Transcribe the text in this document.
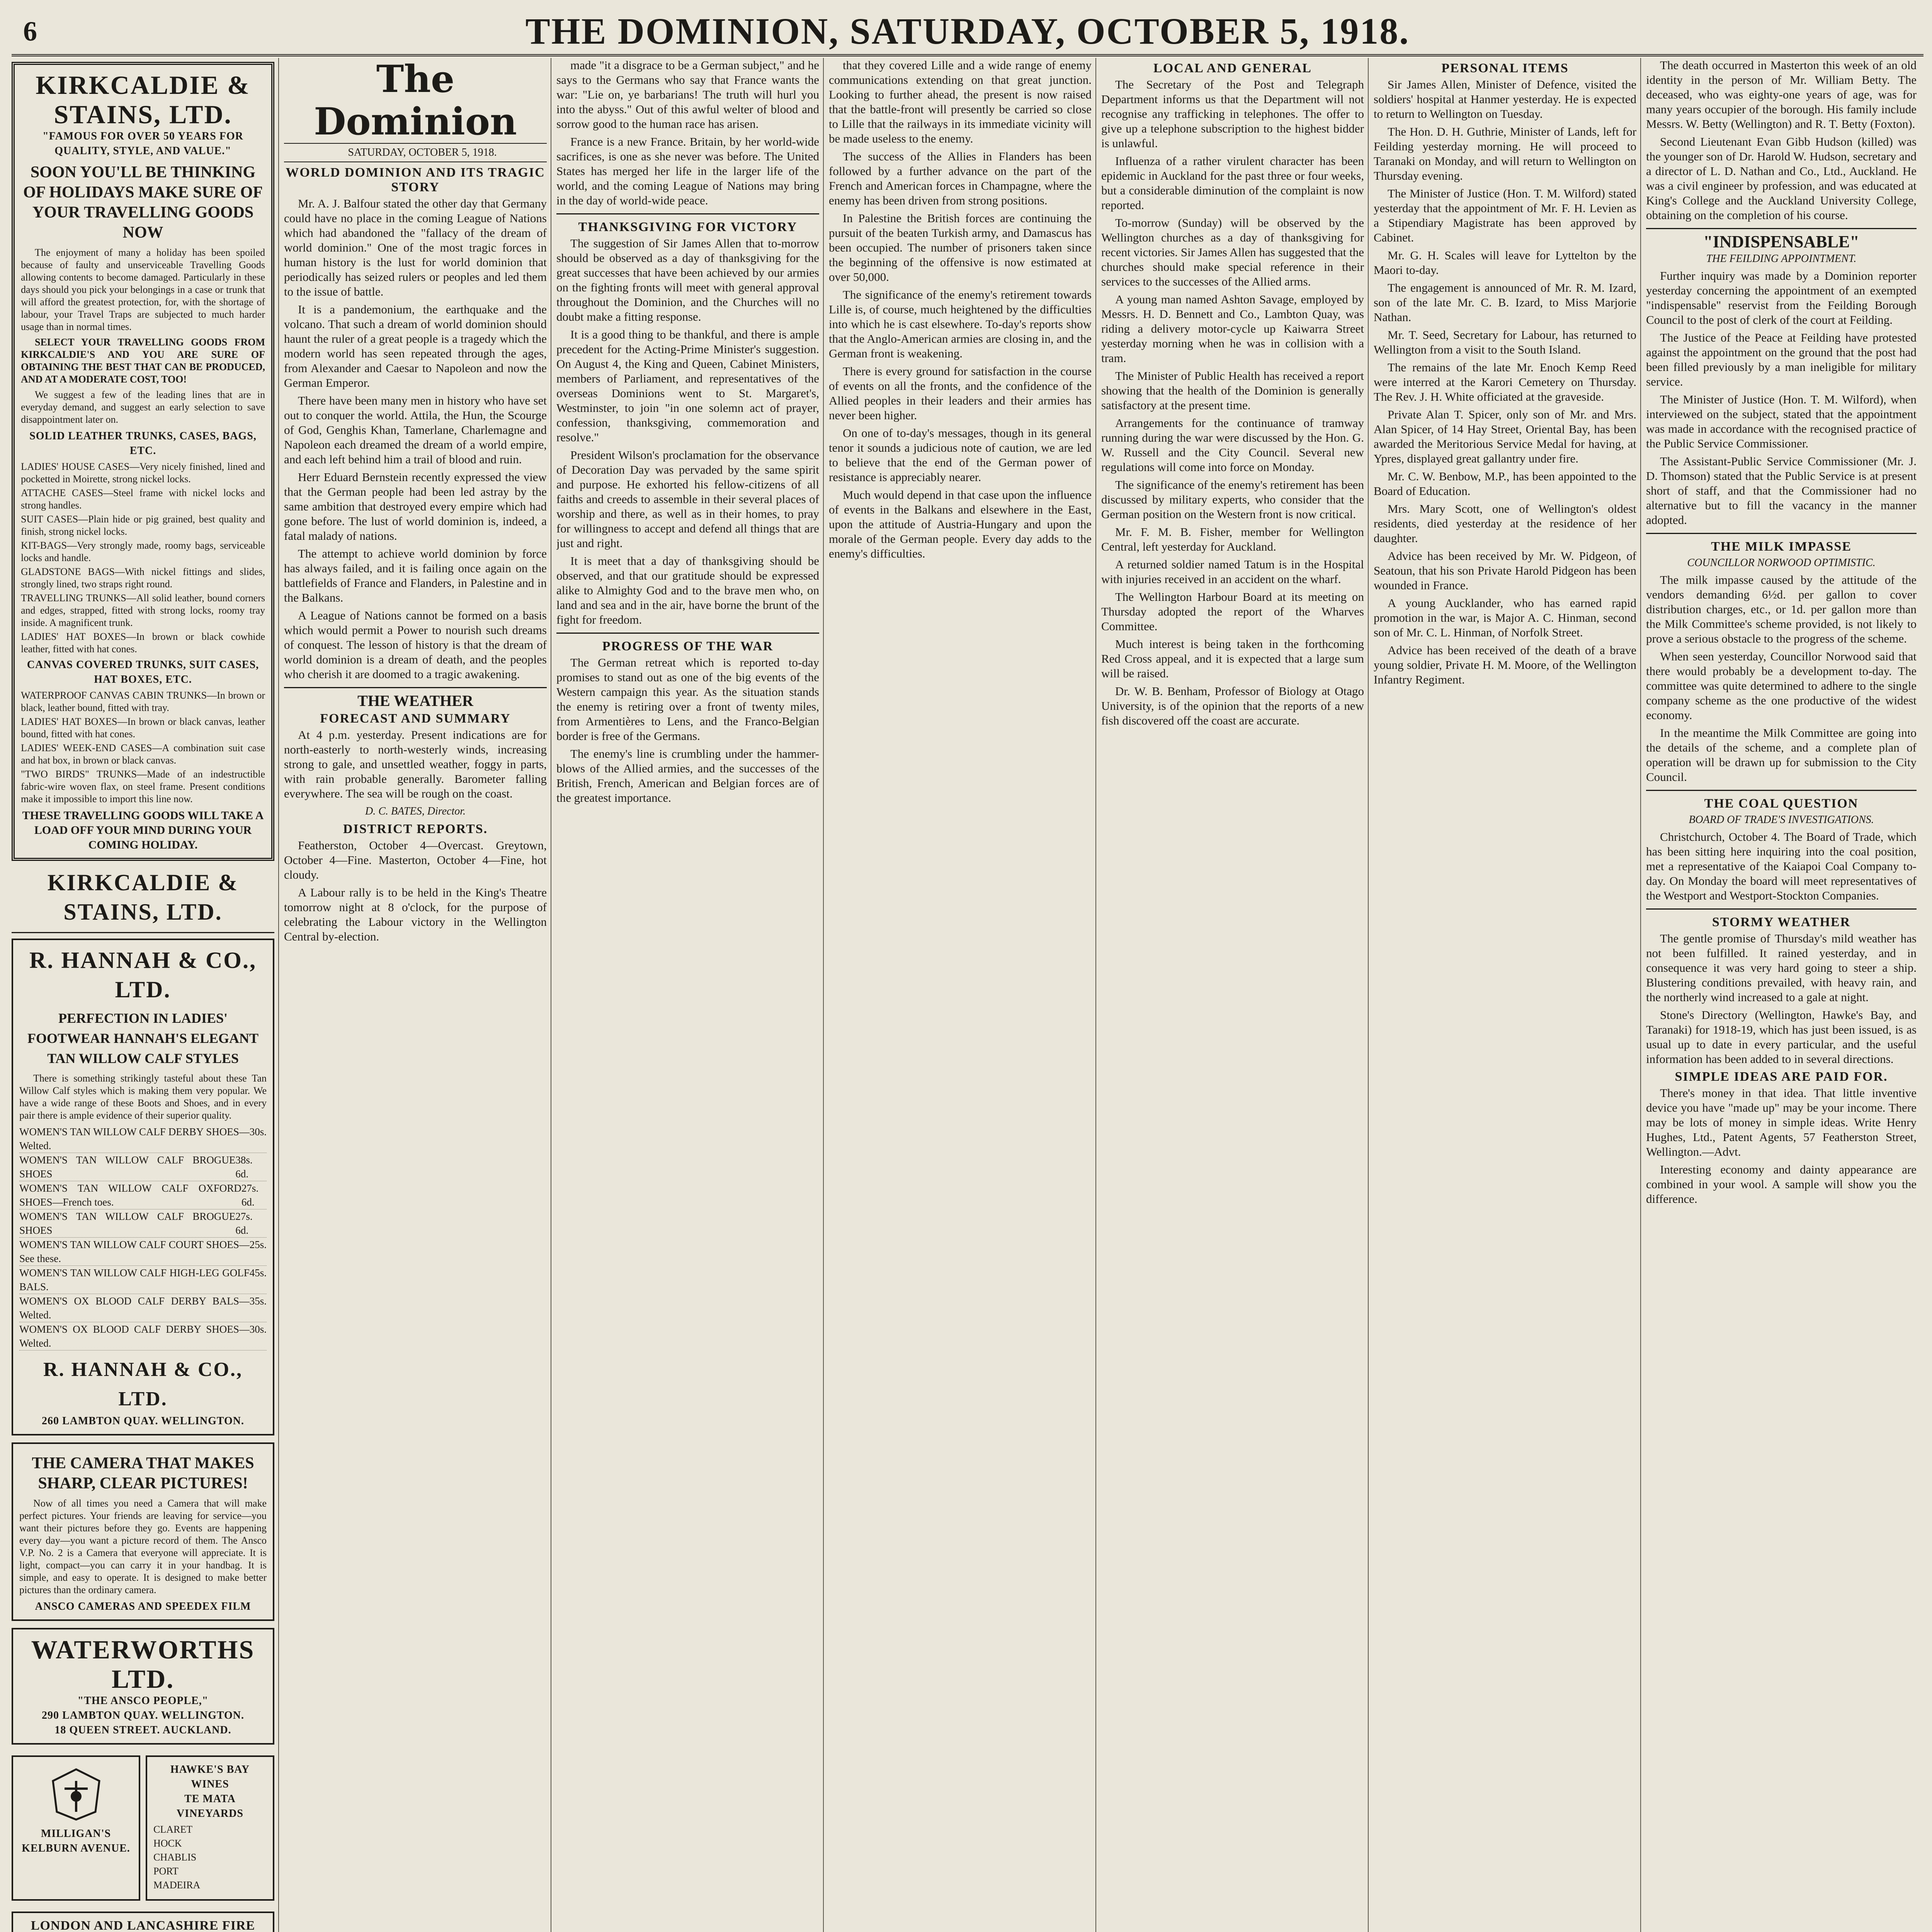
6	THE DOMINION, SATURDAY, OCTOBER 5, 1918.
KIRKCALDIE & STAINS, LTD.
"FAMOUS FOR OVER 50 YEARS FOR QUALITY, STYLE, AND VALUE."
SOON YOU'LL BE THINKING OF HOLIDAYS MAKE SURE OF YOUR TRAVELLING GOODS NOW

The enjoyment of many a holiday has been spoiled because of faulty and unserviceable Travelling Goods allowing contents to become damaged. Particularly in these days should you pick your belongings in a case or trunk that will afford the greatest protection, for, with the shortage of labour, your Travel Traps are subjected to much harder usage than in normal times.

SELECT YOUR TRAVELLING GOODS FROM KIRKCALDIE'S AND YOU ARE SURE OF OBTAINING THE BEST THAT CAN BE PRODUCED, AND AT A MODERATE COST, TOO!

We suggest a few of the leading lines that are in everyday demand, and suggest an early selection to save disappointment later on.

SOLID LEATHER TRUNKS, CASES, BAGS, ETC.
LADIES' HOUSE CASES—Very nicely finished, lined and pocketted in Moirette, strong nickel locks.
ATTACHE CASES—Steel frame with nickel locks and strong handles.
SUIT CASES—Plain hide or pig grained, best quality and finish, strong nickel locks.
KIT-BAGS—Very strongly made, roomy bags, serviceable locks and handle.
GLADSTONE BAGS—With nickel fittings and slides, strongly lined, two straps right round.
TRAVELLING TRUNKS—All solid leather, bound corners and edges, strapped, fitted with strong locks, roomy tray inside. A magnificent trunk.
LADIES' HAT BOXES—In brown or black cowhide leather, fitted with hat cones.
CANVAS COVERED TRUNKS, SUIT CASES, HAT BOXES, ETC.
WATERPROOF CANVAS CABIN TRUNKS—In brown or black, leather bound, fitted with tray.
LADIES' HAT BOXES—In brown or black canvas, leather bound, fitted with hat cones.
LADIES' WEEK-END CASES—A combination suit case and hat box, in brown or black canvas.
"TWO BIRDS" TRUNKS—Made of an indestructible fabric-wire woven flax, on steel frame. Present conditions make it impossible to import this line now.
THESE TRAVELLING GOODS WILL TAKE A LOAD OFF YOUR MIND DURING YOUR COMING HOLIDAY.
KIRKCALDIE & STAINS, LTD.
R. HANNAH & CO., LTD.
PERFECTION IN LADIES' FOOTWEAR HANNAH'S ELEGANT TAN WILLOW CALF STYLES

There is something strikingly tasteful about these Tan Willow Calf styles which is making them very popular. We have a wide range of these Boots and Shoes, and in every pair there is ample evidence of their superior quality.

WOMEN'S TAN WILLOW CALF DERBY SHOES—Welted.
30s.
WOMEN'S TAN WILLOW CALF BROGUE SHOES
38s. 6d.
WOMEN'S TAN WILLOW CALF OXFORD SHOES—French toes.
27s. 6d.
WOMEN'S TAN WILLOW CALF BROGUE SHOES
27s. 6d.
WOMEN'S TAN WILLOW CALF COURT SHOES—See these.
25s.
WOMEN'S TAN WILLOW CALF HIGH-LEG GOLF BALS.
45s.
WOMEN'S OX BLOOD CALF DERBY BALS—Welted.
35s.
WOMEN'S OX BLOOD CALF DERBY SHOES—Welted.
30s.
R. HANNAH & CO., LTD.
260 LAMBTON QUAY. WELLINGTON.
THE CAMERA THAT MAKES SHARP, CLEAR PICTURES!

Now of all times you need a Camera that will make perfect pictures. Your friends are leaving for service—you want their pictures before they go. Events are happening every day—you want a picture record of them. The Ansco V.P. No. 2 is a Camera that everyone will appreciate. It is light, compact—you can carry it in your handbag. It is simple, and easy to operate. It is designed to make better pictures than the ordinary camera.

ANSCO CAMERAS AND SPEEDEX FILM
WATERWORTHS LTD.
"THE ANSCO PEOPLE,"
290 LAMBTON QUAY. WELLINGTON.
18 QUEEN STREET. AUCKLAND.
MILLIGAN'S
KELBURN AVENUE.
HAWKE'S BAY WINES
TE MATA VINEYARDS
CLARET
HOCK
CHABLIS
PORT
MADEIRA
LONDON AND LANCASHIRE FIRE

The Dominion

SATURDAY, OCTOBER 5, 1918.

WORLD DOMINION AND ITS TRAGIC STORY

Mr. A. J. Balfour stated the other day that Germany could have no place in the coming League of Nations which had abandoned the "fallacy of the dream of world dominion." One of the most tragic forces in human history is the lust for world dominion that periodically has seized rulers or peoples and led them to the issue of battle.

It is a pandemonium, the earthquake and the volcano. That such a dream of world dominion should haunt the ruler of a great people is a tragedy which the modern world has seen repeated through the ages, from Alexander and Caesar to Napoleon and now the German Emperor.

There have been many men in history who have set out to conquer the world. Attila, the Hun, the Scourge of God, Genghis Khan, Tamerlane, Charlemagne and Napoleon each dreamed the dream of a world empire, and each left behind him a trail of blood and ruin.

Herr Eduard Bernstein recently expressed the view that the German people had been led astray by the same ambition that destroyed every empire which had gone before. The lust of world dominion is, indeed, a fatal malady of nations.

The attempt to achieve world dominion by force has always failed, and it is failing once again on the battlefields of France and Flanders, in Palestine and in the Balkans.

A League of Nations cannot be formed on a basis which would permit a Power to nourish such dreams of conquest. The lesson of history is that the dream of world dominion is a dream of death, and the peoples who cherish it are doomed to a tragic awakening.

THE WEATHER
FORECAST AND SUMMARY

At 4 p.m. yesterday. Present indications are for north-easterly to north-westerly winds, increasing strong to gale, and unsettled weather, foggy in parts, with rain probable generally. Barometer falling everywhere. The sea will be rough on the coast.

D. C. BATES, Director.

DISTRICT REPORTS.

Featherston, October 4—Overcast. Greytown, October 4—Fine. Masterton, October 4—Fine, hot cloudy.

A Labour rally is to be held in the King's Theatre tomorrow night at 8 o'clock, for the purpose of celebrating the Labour victory in the Wellington Central by-election.

made "it a disgrace to be a German subject," and he says to the Germans who say that France wants the war: "Lie on, ye barbarians! The truth will hurl you into the abyss." Out of this awful welter of blood and sorrow good to the human race has arisen.

France is a new France. Britain, by her world-wide sacrifices, is one as she never was before. The United States has merged her life in the larger life of the world, and the coming League of Nations may bring in the day of world-wide peace.

THANKSGIVING FOR VICTORY

The suggestion of Sir James Allen that to-morrow should be observed as a day of thanksgiving for the great successes that have been achieved by our armies on the fighting fronts will meet with general approval throughout the Dominion, and the Churches will no doubt make a fitting response.

It is a good thing to be thankful, and there is ample precedent for the Acting-Prime Minister's suggestion. On August 4, the King and Queen, Cabinet Ministers, members of Parliament, and representatives of the overseas Dominions went to St. Margaret's, Westminster, to join "in one solemn act of prayer, confession, thanksgiving, commemoration and resolve."

President Wilson's proclamation for the observance of Decoration Day was pervaded by the same spirit and purpose. He exhorted his fellow-citizens of all faiths and creeds to assemble in their several places of worship and there, as well as in their homes, to pray for willingness to accept and defend all things that are just and right.

It is meet that a day of thanksgiving should be observed, and that our gratitude should be expressed alike to Almighty God and to the brave men who, on land and sea and in the air, have borne the brunt of the fight for freedom.

PROGRESS OF THE WAR

The German retreat which is reported to-day promises to stand out as one of the big events of the Western campaign this year. As the situation stands the enemy is retiring over a front of twenty miles, from Armentières to Lens, and the Franco-Belgian border is free of the Germans.

The enemy's line is crumbling under the hammer-blows of the Allied armies, and the successes of the British, French, American and Belgian forces are of the greatest importance.

that they covered Lille and a wide range of enemy communications extending on that great junction. Looking to further ahead, the present is now raised that the battle-front will presently be carried so close to Lille that the railways in its immediate vicinity will be made useless to the enemy.

The success of the Allies in Flanders has been followed by a further advance on the part of the French and American forces in Champagne, where the enemy has been driven from strong positions.

In Palestine the British forces are continuing the pursuit of the beaten Turkish army, and Damascus has been occupied. The number of prisoners taken since the beginning of the offensive is now estimated at over 50,000.

The significance of the enemy's retirement towards Lille is, of course, much heightened by the difficulties into which he is cast elsewhere. To-day's reports show that the Anglo-American armies are closing in, and the German front is weakening.

There is every ground for satisfaction in the course of events on all the fronts, and the confidence of the Allied peoples in their leaders and their armies has never been higher.

On one of to-day's messages, though in its general tenor it sounds a judicious note of caution, we are led to believe that the end of the German power of resistance is appreciably nearer.

Much would depend in that case upon the influence of events in the Balkans and elsewhere in the East, upon the attitude of Austria-Hungary and upon the morale of the German people. Every day adds to the enemy's difficulties.

LOCAL AND GENERAL

The Secretary of the Post and Telegraph Department informs us that the Department will not recognise any trafficking in telephones. The offer to give up a telephone subscription to the highest bidder is unlawful.

Influenza of a rather virulent character has been epidemic in Auckland for the past three or four weeks, but a considerable diminution of the complaint is now reported.

To-morrow (Sunday) will be observed by the Wellington churches as a day of thanksgiving for recent victories. Sir James Allen has suggested that the churches should make special reference in their services to the successes of the Allied arms.

A young man named Ashton Savage, employed by Messrs. H. D. Bennett and Co., Lambton Quay, was riding a delivery motor-cycle up Kaiwarra Street yesterday morning when he was in collision with a tram.

The Minister of Public Health has received a report showing that the health of the Dominion is generally satisfactory at the present time.

Arrangements for the continuance of tramway running during the war were discussed by the Hon. G. W. Russell and the City Council. Several new regulations will come into force on Monday.

The significance of the enemy's retirement has been discussed by military experts, who consider that the German position on the Western front is now critical.

Mr. F. M. B. Fisher, member for Wellington Central, left yesterday for Auckland.

A returned soldier named Tatum is in the Hospital with injuries received in an accident on the wharf.

The Wellington Harbour Board at its meeting on Thursday adopted the report of the Wharves Committee.

Much interest is being taken in the forthcoming Red Cross appeal, and it is expected that a large sum will be raised.

Dr. W. B. Benham, Professor of Biology at Otago University, is of the opinion that the reports of a new fish discovered off the coast are accurate.

PERSONAL ITEMS

Sir James Allen, Minister of Defence, visited the soldiers' hospital at Hanmer yesterday. He is expected to return to Wellington on Tuesday.

The Hon. D. H. Guthrie, Minister of Lands, left for Feilding yesterday morning. He will proceed to Taranaki on Monday, and will return to Wellington on Thursday evening.

The Minister of Justice (Hon. T. M. Wilford) stated yesterday that the appointment of Mr. F. H. Levien as a Stipendiary Magistrate has been approved by Cabinet.

Mr. G. H. Scales will leave for Lyttelton by the Maori to-day.

The engagement is announced of Mr. R. M. Izard, son of the late Mr. C. B. Izard, to Miss Marjorie Nathan.

Mr. T. Seed, Secretary for Labour, has returned to Wellington from a visit to the South Island.

The remains of the late Mr. Enoch Kemp Reed were interred at the Karori Cemetery on Thursday. The Rev. J. H. White officiated at the graveside.

Private Alan T. Spicer, only son of Mr. and Mrs. Alan Spicer, of 14 Hay Street, Oriental Bay, has been awarded the Meritorious Service Medal for having, at Ypres, displayed great gallantry under fire.

Mr. C. W. Benbow, M.P., has been appointed to the Board of Education.

Mrs. Mary Scott, one of Wellington's oldest residents, died yesterday at the residence of her daughter.

Advice has been received by Mr. W. Pidgeon, of Seatoun, that his son Private Harold Pidgeon has been wounded in France.

A young Aucklander, who has earned rapid promotion in the war, is Major A. C. Hinman, second son of Mr. C. L. Hinman, of Norfolk Street.

Advice has been received of the death of a brave young soldier, Private H. M. Moore, of the Wellington Infantry Regiment.

The death occurred in Masterton this week of an old identity in the person of Mr. William Betty. The deceased, who was eighty-one years of age, was for many years occupier of the borough. His family include Messrs. W. Betty (Wellington) and R. T. Betty (Foxton).

Second Lieutenant Evan Gibb Hudson (killed) was the younger son of Dr. Harold W. Hudson, secretary and a director of L. D. Nathan and Co., Ltd., Auckland. He was a civil engineer by profession, and was educated at King's College and the Auckland University College, obtaining on the completion of his course.

"INDISPENSABLE"

THE FEILDING APPOINTMENT.

Further inquiry was made by a Dominion reporter yesterday concerning the appointment of an exempted "indispensable" reservist from the Feilding Borough Council to the post of clerk of the court at Feilding.

The Justice of the Peace at Feilding have protested against the appointment on the ground that the post had been filled previously by a man ineligible for military service.

The Minister of Justice (Hon. T. M. Wilford), when interviewed on the subject, stated that the appointment was made in accordance with the recognised practice of the Public Service Commissioner.

The Assistant-Public Service Commissioner (Mr. J. D. Thomson) stated that the Public Service is at present short of staff, and that the Commissioner had no alternative but to fill the vacancy in the manner adopted.

THE MILK IMPASSE

COUNCILLOR NORWOOD OPTIMISTIC.

The milk impasse caused by the attitude of the vendors demanding 6½d. per gallon to cover distribution charges, etc., or 1d. per gallon more than the Milk Committee's scheme provided, is not likely to prove a serious obstacle to the progress of the scheme.

When seen yesterday, Councillor Norwood said that there would probably be a development to-day. The committee was quite determined to adhere to the single company scheme as the one productive of the widest economy.

In the meantime the Milk Committee are going into the details of the scheme, and a complete plan of operation will be drawn up for submission to the City Council.

THE COAL QUESTION

BOARD OF TRADE'S INVESTIGATIONS.

Christchurch, October 4. The Board of Trade, which has been sitting here inquiring into the coal position, met a representative of the Kaiapoi Coal Company to-day. On Monday the board will meet representatives of the Westport and Westport-Stockton Companies.

STORMY WEATHER

The gentle promise of Thursday's mild weather has not been fulfilled. It rained yesterday, and in consequence it was very hard going to steer a ship. Blustering conditions prevailed, with heavy rain, and the northerly wind increased to a gale at night.

Stone's Directory (Wellington, Hawke's Bay, and Taranaki) for 1918-19, which has just been issued, is as usual up to date in every particular, and the useful information has been added to in several directions.

SIMPLE IDEAS ARE PAID FOR.

There's money in that idea. That little inventive device you have "made up" may be your income. There may be lots of money in simple ideas. Write Henry Hughes, Ltd., Patent Agents, 57 Featherston Street, Wellington.—Advt.

Interesting economy and dainty appearance are combined in your wool. A sample will show you the difference.
